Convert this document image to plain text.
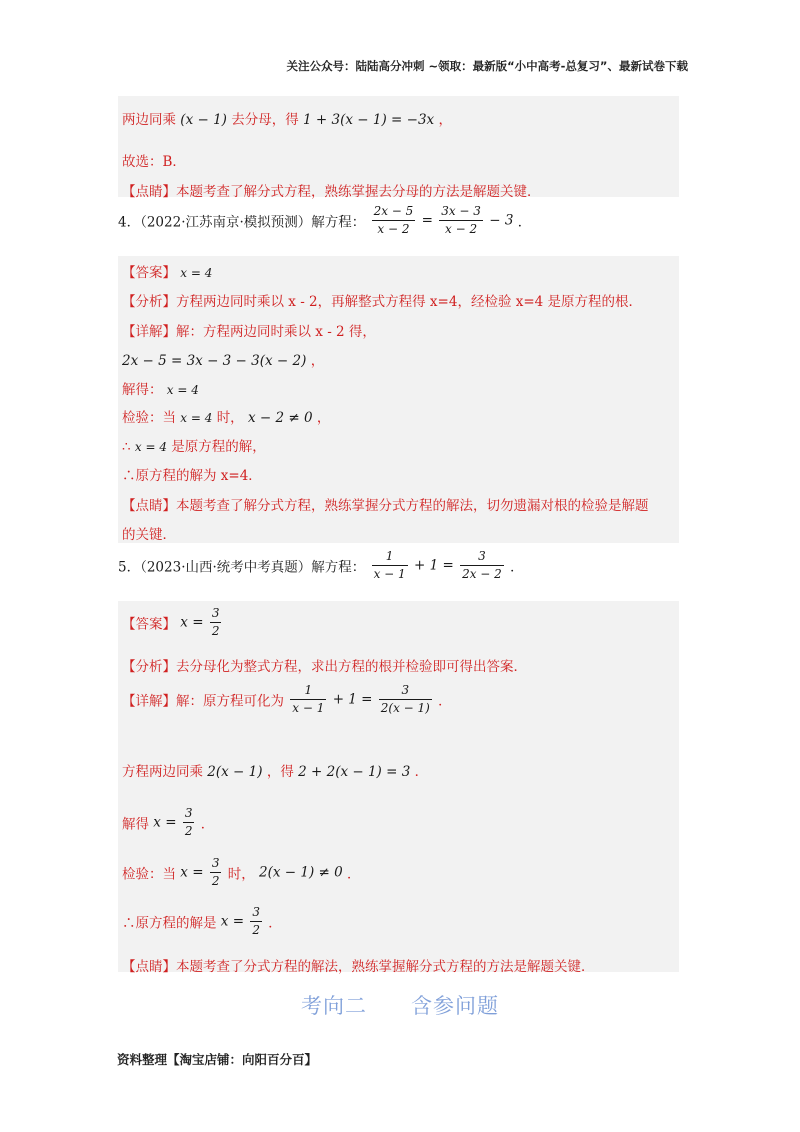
关注公众号：陆陆高分冲刺 ~领取：最新版“小中高考-总复习”、最新试卷下载
两边同乘 (x − 1) 去分母，得 1 + 3(x − 1) = −3x ，
故选：B．
【点睛】本题考查了解分式方程，熟练掌握去分母的方法是解题关键．
4．（2022·江苏南京·模拟预测）解方程： $\frac{2x - 5}{x - 2} = \frac{3x - 3}{x - 2} - 3$ ．
【答案】 x = 4
【分析】方程两边同时乘以 x - 2，再解整式方程得 x=4，经检验 x=4 是原方程的根．
【详解】解：方程两边同时乘以 x - 2 得，
2x − 5 = 3x − 3 − 3(x − 2) ，
解得： x = 4
检验：当 x = 4 时， x − 2 ≠ 0 ，
∴ x = 4 是原方程的解，
∴原方程的解为 x=4．
【点睛】本题考查了解分式方程，熟练掌握分式方程的解法，切勿遗漏对根的检验是解题
的关键．
5．（2023·山西·统考中考真题）解方程： $\frac{1}{x - 1} + 1 = \frac{3}{2x - 2}$ ．
【答案】 $x = \frac{3}{2}$
【分析】去分母化为整式方程，求出方程的根并检验即可得出答案．
【详解】解：原方程可化为 $\frac{1}{x - 1} + 1 = \frac{3}{2(x - 1)}$ ．
方程两边同乘 2(x − 1) ，得 2 + 2(x − 1) = 3 ．
解得 $x = \frac{3}{2}$ ．
检验：当 $x = \frac{3}{2}$ 时， 2(x − 1) ≠ 0 ．
∴原方程的解是 $x = \frac{3}{2}$ ．
【点睛】本题考查了分式方程的解法，熟练掌握解分式方程的方法是解题关键．
考向二　　含参问题
资料整理【淘宝店铺：向阳百分百】
